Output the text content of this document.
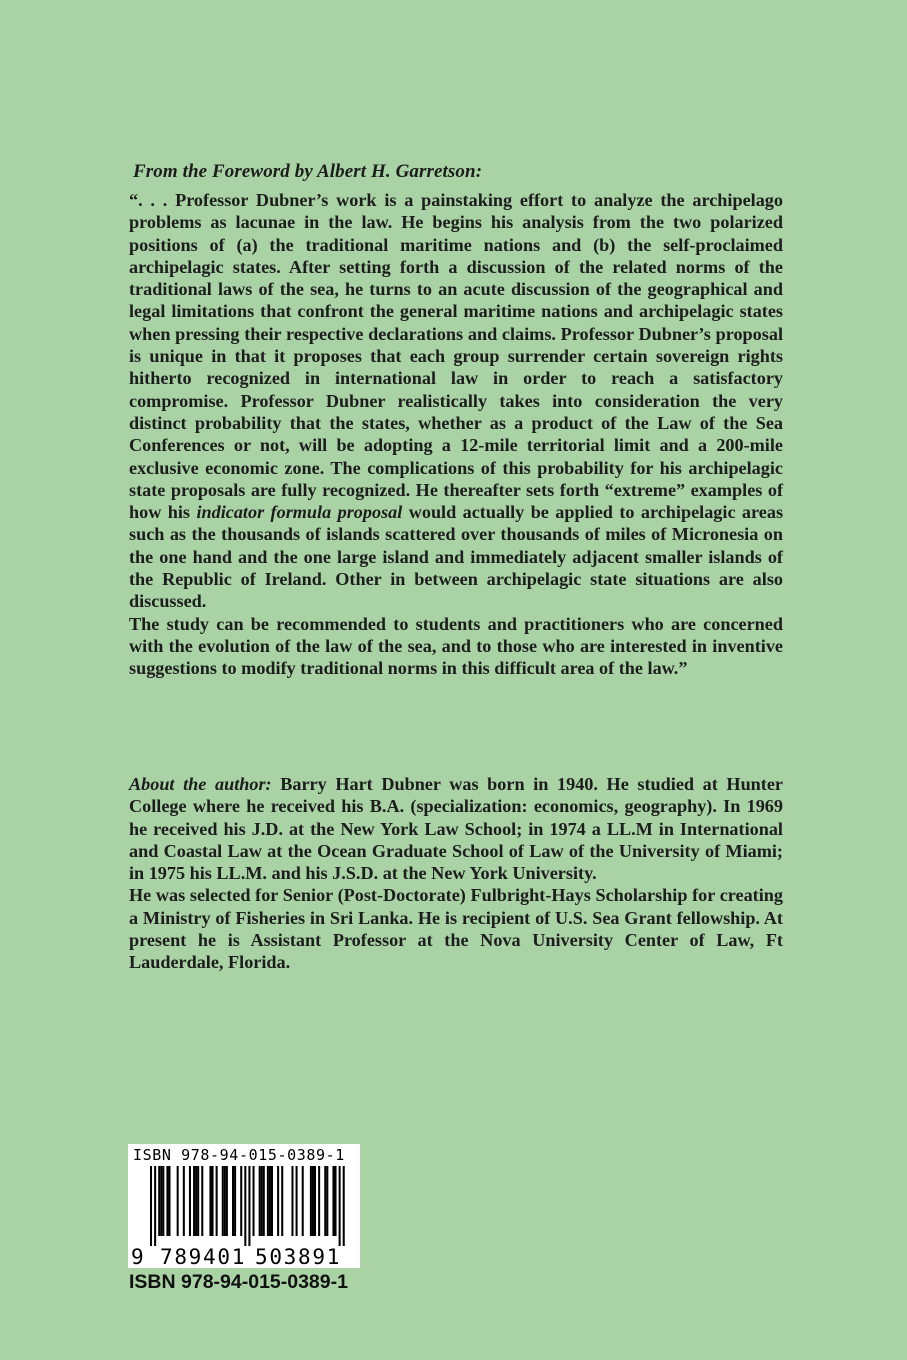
From the Foreword by Albert H. Garretson:

“. . . Professor Dubner’s work is a painstaking effort to analyze the archipelago problems as lacunae in the law. He begins his analysis from the two polarized positions of (a) the traditional maritime nations and (b) the self-proclaimed archipelagic states. After setting forth a discussion of the related norms of the traditional laws of the sea, he turns to an acute discussion of the geographical and legal limitations that confront the general maritime nations and archipelagic states when pressing their respective declarations and claims. Professor Dubner’s proposal is unique in that it proposes that each group surrender certain sovereign rights hitherto recognized in international law in order to reach a satisfactory compromise. Professor Dubner realistically takes into consideration the very distinct probability that the states, whether as a product of the Law of the Sea Conferences or not, will be adopting a 12-mile territorial limit and a 200-mile exclusive economic zone. The complications of this probability for his archipelagic state proposals are fully recognized. He thereafter sets forth “extreme” examples of how his indicator formula proposal would actually be applied to archipelagic areas such as the thousands of islands scattered over thousands of miles of Micronesia on the one hand and the one large island and immediately adjacent smaller islands of the Republic of Ireland. Other in between archipelagic state situations are also discussed.

The study can be recommended to students and practitioners who are concerned with the evolution of the law of the sea, and to those who are interested in inventive suggestions to modify traditional norms in this difficult area of the law.”

About the author: Barry Hart Dubner was born in 1940. He studied at Hunter College where he received his B.A. (specialization: economics, geography). In 1969 he received his J.D. at the New York Law School; in 1974 a LL.M in International and Coastal Law at the Ocean Graduate School of Law of the University of Miami; in 1975 his LL.M. and his J.S.D. at the New York University.

He was selected for Senior (Post-Doctorate) Fulbright-Hays Scholarship for creating a Ministry of Fisheries in Sri Lanka. He is recipient of U.S. Sea Grant fellowship. At present he is Assistant Professor at the Nova University Center of Law, Ft Lauderdale, Florida.

ISBN 978-94-015-0389-1
9 789401 503891
ISBN 978-94-015-0389-1
